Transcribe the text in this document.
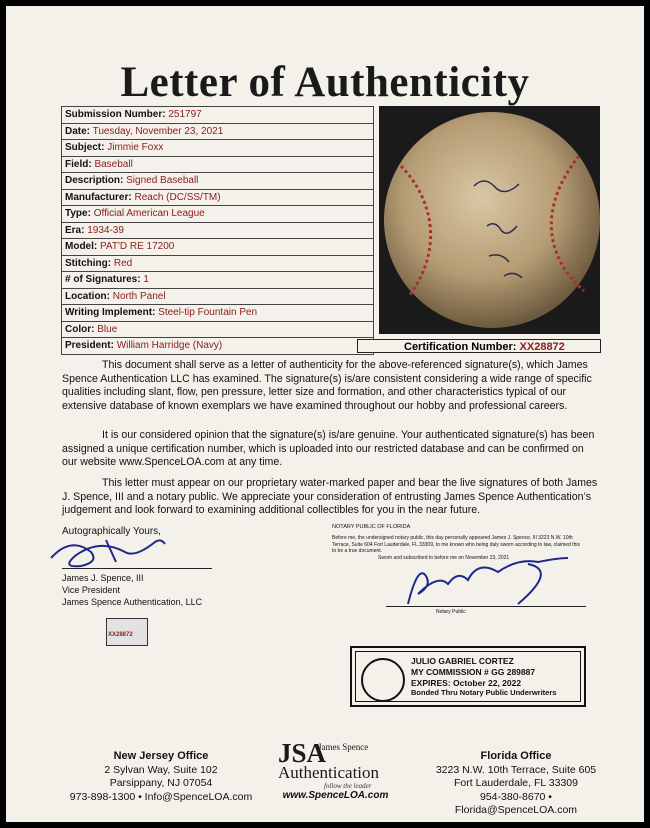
Letter of Authenticity
Submission Number: 251797
Date: Tuesday, November 23, 2021
Subject: Jimmie Foxx
Field: Baseball
Description: Signed Baseball
Manufacturer: Reach (DC/SS/TM)
Type: Official American League
Era: 1934-39
Model: PAT'D RE 17200
Stitching: Red
# of Signatures: 1
Location: North Panel
Writing Implement: Steel-tip Fountain Pen
Color: Blue
President: William Harridge (Navy)	Certification Number: XX28872
This document shall serve as a letter of authenticity for the above-referenced signature(s), which James Spence Authentication LLC has examined. The signature(s) is/are consistent considering a wide range of specific qualities including slant, flow, pen pressure, letter size and formation, and other characteristics typical of our extensive database of known exemplars we have examined throughout our hobby and professional careers.
It is our considered opinion that the signature(s) is/are genuine. Your authenticated signature(s) has been assigned a unique certification number, which is uploaded into our restricted database and can be confirmed on our website www.SpenceLOA.com at any time.
This letter must appear on our proprietary water-marked paper and bear the live signatures of both James J. Spence, III and a notary public. We appreciate your consideration of entrusting James Spence Authentication’s judgement and look forward to examining additional collectibles for you in the near future.
Autographically Yours,
James J. Spence, III
Vice President
James Spence Authentication, LLC
XX28872
NOTARY PUBLIC OF FLORIDA
Before me, the undersigned notary public, this day personally appeared James J. Spence, III 3223 N.W. 10th Terrace, Suite 604 Fort Lauderdale, FL 33309, to me known who being duly sworn according to law, claimed this to be a true document.
Sworn and subscribed to before me on November 23, 2021
Notary Public
JULIO GABRIEL CORTEZ
MY COMMISSION # GG 289887
EXPIRES: October 22, 2022
Bonded Thru Notary Public Underwriters
New Jersey Office
2 Sylvan Way, Suite 102
Parsippany, NJ 07054
973-898-1300 • Info@SpenceLOA.com
JSA
James Spence
Authentication
follow the leader
www.SpenceLOA.com
Florida Office
3223 N.W. 10th Terrace, Suite 605
Fort Lauderdale, FL 33309
954-380-8670 • Florida@SpenceLOA.com
